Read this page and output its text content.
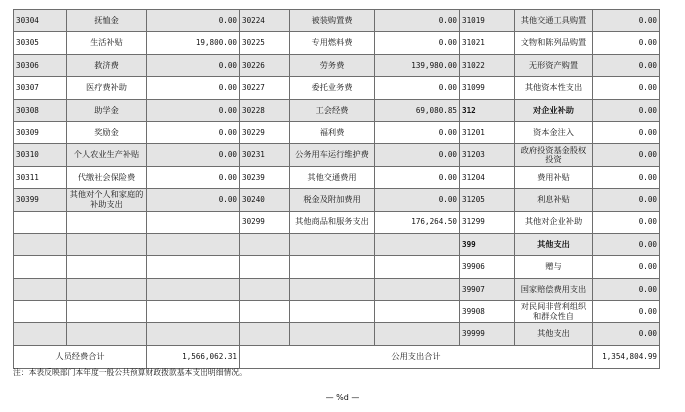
30304	抚恤金	0.00	30224	被装购置费	0.00	31019	其他交通工具购置	0.00
30305	生活补贴	19,800.00	30225	专用燃料费	0.00	31021	文物和陈列品购置	0.00
30306	救济费	0.00	30226	劳务费	139,980.00	31022	无形资产购置	0.00
30307	医疗费补助	0.00	30227	委托业务费	0.00	31099	其他资本性支出	0.00
30308	助学金	0.00	30228	工会经费	69,080.85	312	对企业补助	0.00
30309	奖励金	0.00	30229	福利费	0.00	31201	资本金注入	0.00
30310	个人农业生产补贴	0.00	30231	公务用车运行维护费	0.00	31203	政府投资基金股权投资	0.00
30311	代缴社会保险费	0.00	30239	其他交通费用	0.00	31204	费用补贴	0.00
30399	其他对个人和家庭的补助支出	0.00	30240	税金及附加费用	0.00	31205	利息补贴	0.00
			30299	其他商品和服务支出	176,264.50	31299	其他对企业补助	0.00
						399	其他支出	0.00
						39906	赠与	0.00
						39907	国家赔偿费用支出	0.00
						39908	对民间非营利组织和群众性自	0.00
						39999	其他支出	0.00
人员经费合计		1,566,062.31	公用支出合计					1,354,804.99
注：本表反映部门本年度一般公共预算财政拨款基本支出明细情况。
— %d —
